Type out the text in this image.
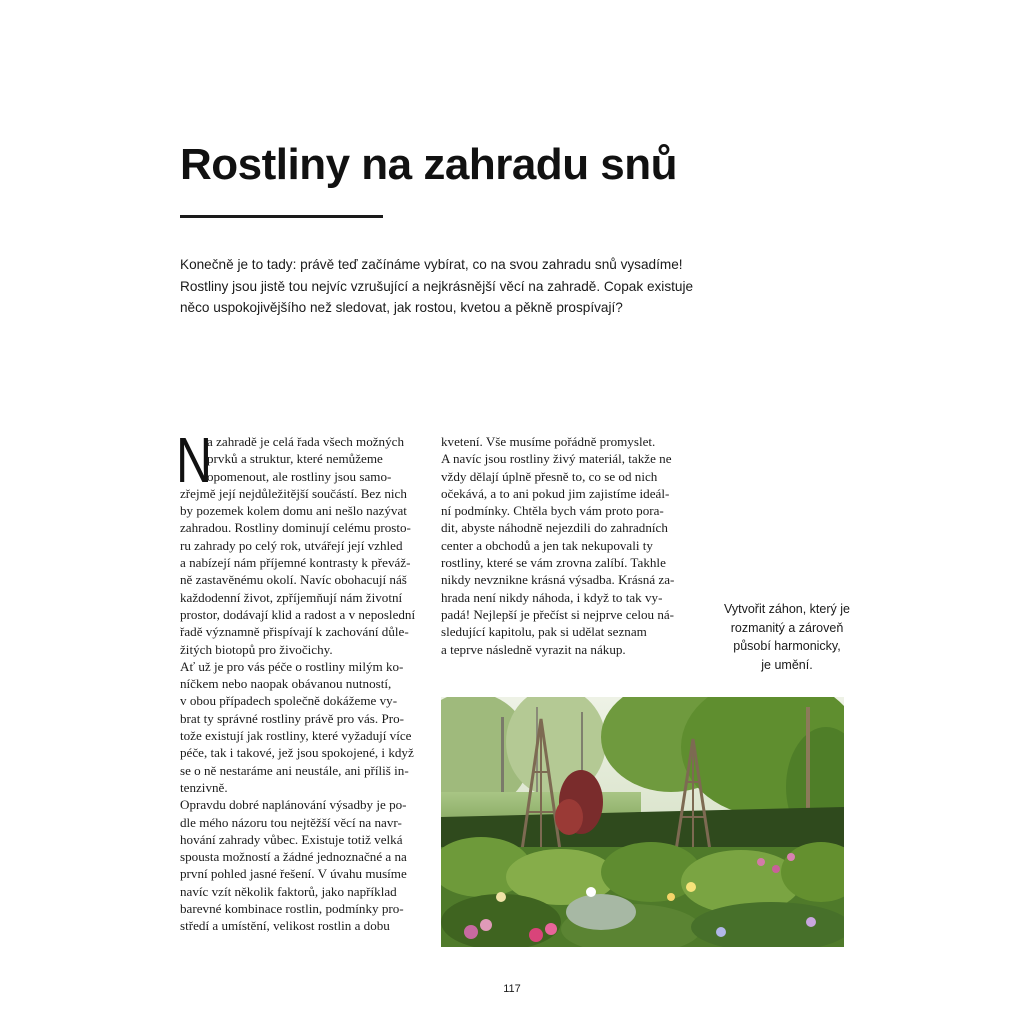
Rostliny na zahradu snů

Konečně je to tady: právě teď začínáme vybírat, co na svou zahradu snů vysadíme!
Rostliny jsou jistě tou nejvíc vzrušující a nejkrásnější věcí na zahradě. Copak existuje
něco uspokojivějšího než sledovat, jak rostou, kvetou a pěkně prospívají?

N
a zahradě je celá řada všech možných
prvků a struktur, které nemůžeme
opomenout, ale rostliny jsou samo-
zřejmě její nejdůležitější součástí. Bez nich
by pozemek kolem domu ani nešlo nazývat
zahradou. Rostliny dominují celému prosto-
ru zahrady po celý rok, utvářejí její vzhled
a nabízejí nám příjemné kontrasty k převáž-
ně zastavěnému okolí. Navíc obohacují náš
každodenní život, zpříjemňují nám životní
prostor, dodávají klid a radost a v neposlední
řadě významně přispívají k zachování důle-
žitých biotopů pro živočichy.
Ať už je pro vás péče o rostliny milým ko-
níčkem nebo naopak obávanou nutností,
v obou případech společně dokážeme vy-
brat ty správné rostliny právě pro vás. Pro-
tože existují jak rostliny, které vyžadují více
péče, tak i takové, jež jsou spokojené, i když
se o ně nestaráme ani neustále, ani příliš in-
tenzivně.
Opravdu dobré naplánování výsadby je po-
dle mého názoru tou nejtěžší věcí na navr-
hování zahrady vůbec. Existuje totiž velká
spousta možností a žádné jednoznačné a na
první pohled jasné řešení. V úvahu musíme
navíc vzít několik faktorů, jako například
barevné kombinace rostlin, podmínky pro-
středí a umístění, velikost rostlin a dobu
kvetení. Vše musíme pořádně promyslet.
A navíc jsou rostliny živý materiál, takže ne
vždy dělají úplně přesně to, co se od nich
očekává, a to ani pokud jim zajistíme ideál-
ní podmínky. Chtěla bych vám proto pora-
dit, abyste náhodně nejezdili do zahradních
center a obchodů a jen tak nekupovali ty
rostliny, které se vám zrovna zalíbí. Takhle
nikdy nevznikne krásná výsadba. Krásná za-
hrada není nikdy náhoda, i když to tak vy-
padá! Nejlepší je přečíst si nejprve celou ná-
sledující kapitolu, pak si udělat seznam
a teprve následně vyrazit na nákup.

Vytvořit záhon, který je
rozmanitý a zároveň
působí harmonicky,
je umění.

117
